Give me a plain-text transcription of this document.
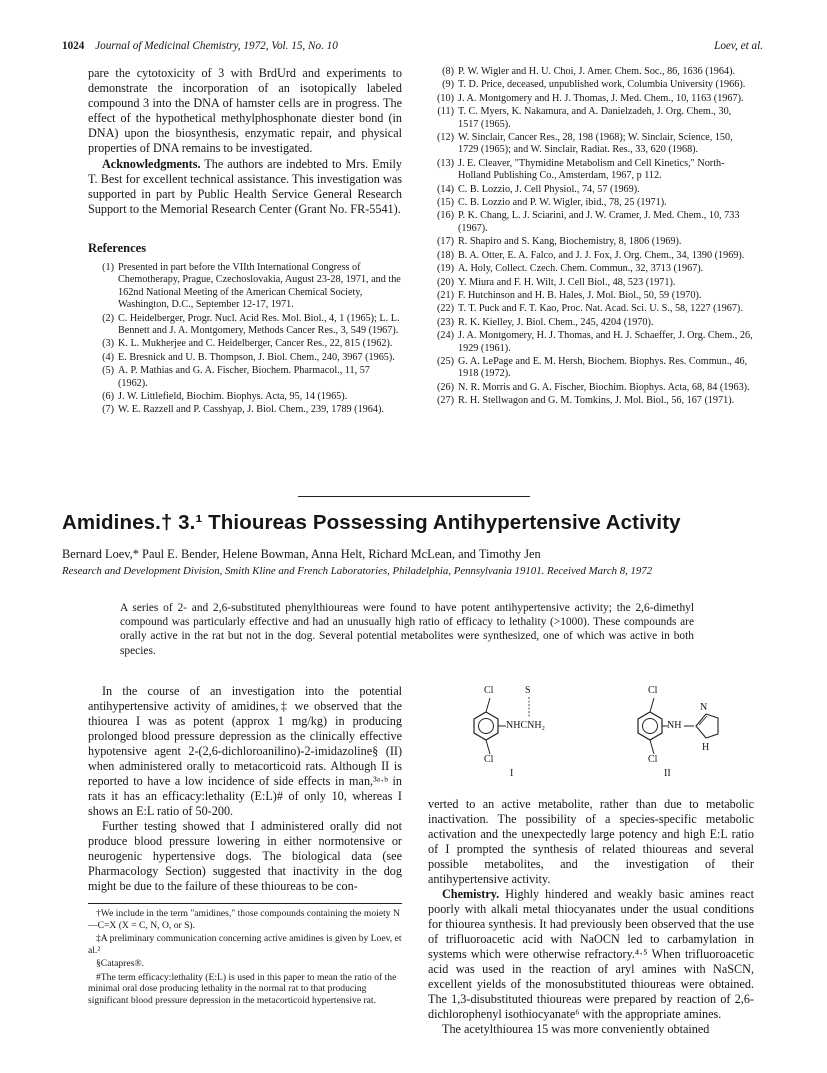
1024 Journal of Medicinal Chemistry, 1972, Vol. 15, No. 10	Loev, et al.

pare the cytotoxicity of 3 with BrdUrd and experiments to demonstrate the incorporation of an isotopically labeled compound 3 into the DNA of hamster cells are in progress. The effect of the hypothetical methylphosphonate diester bond (in DNA) upon the biosynthesis, enzymatic repair, and physical properties of DNA remains to be investigated.

Acknowledgments. The authors are indebted to Mrs. Emily T. Best for excellent technical assistance. This investigation was supported in part by Public Health Service General Research Support to the Memorial Research Center (Grant No. FR-5541).

References
(1) Presented in part before the VIIth International Congress of Chemotherapy, Prague, Czechoslovakia, August 23-28, 1971, and the 162nd National Meeting of the American Chemical Society, Washington, D.C., September 12-17, 1971.
(2) C. Heidelberger, Progr. Nucl. Acid Res. Mol. Biol., 4, 1 (1965); L. L. Bennett and J. A. Montgomery, Methods Cancer Res., 3, 549 (1967).
(3) K. L. Mukherjee and C. Heidelberger, Cancer Res., 22, 815 (1962).
(4) E. Bresnick and U. B. Thompson, J. Biol. Chem., 240, 3967 (1965).
(5) A. P. Mathias and G. A. Fischer, Biochem. Pharmacol., 11, 57 (1962).
(6) J. W. Littlefield, Biochim. Biophys. Acta, 95, 14 (1965).
(7) W. E. Razzell and P. Casshyap, J. Biol. Chem., 239, 1789 (1964).
(8) P. W. Wigler and H. U. Choi, J. Amer. Chem. Soc., 86, 1636 (1964).
(9) T. D. Price, deceased, unpublished work, Columbia University (1966).
(10) J. A. Montgomery and H. J. Thomas, J. Med. Chem., 10, 1163 (1967).
(11) T. C. Myers, K. Nakamura, and A. Danielzadeh, J. Org. Chem., 30, 1517 (1965).
(12) W. Sinclair, Cancer Res., 28, 198 (1968); W. Sinclair, Science, 150, 1729 (1965); and W. Sinclair, Radiat. Res., 33, 620 (1968).
(13) J. E. Cleaver, "Thymidine Metabolism and Cell Kinetics," North-Holland Publishing Co., Amsterdam, 1967, p 112.
(14) C. B. Lozzio, J. Cell Physiol., 74, 57 (1969).
(15) C. B. Lozzio and P. W. Wigler, ibid., 78, 25 (1971).
(16) P. K. Chang, L. J. Sciarini, and J. W. Cramer, J. Med. Chem., 10, 733 (1967).
(17) R. Shapiro and S. Kang, Biochemistry, 8, 1806 (1969).
(18) B. A. Otter, E. A. Falco, and J. J. Fox, J. Org. Chem., 34, 1390 (1969).
(19) A. Holy, Collect. Czech. Chem. Commun., 32, 3713 (1967).
(20) Y. Miura and F. H. Wilt, J. Cell Biol., 48, 523 (1971).
(21) F. Hutchinson and H. B. Hales, J. Mol. Biol., 50, 59 (1970).
(22) T. T. Puck and F. T. Kao, Proc. Nat. Acad. Sci. U. S., 58, 1227 (1967).
(23) R. K. Kielley, J. Biol. Chem., 245, 4204 (1970).
(24) J. A. Montgomery, H. J. Thomas, and H. J. Schaeffer, J. Org. Chem., 26, 1929 (1961).
(25) G. A. LePage and E. M. Hersh, Biochem. Biophys. Res. Commun., 46, 1918 (1972).
(26) N. R. Morris and G. A. Fischer, Biochim. Biophys. Acta, 68, 84 (1963).
(27) R. H. Stellwagon and G. M. Tomkins, J. Mol. Biol., 56, 167 (1971).
Amidines.† 3.¹ Thioureas Possessing Antihypertensive Activity
Bernard Loev,* Paul E. Bender, Helene Bowman, Anna Helt, Richard McLean, and Timothy Jen
Research and Development Division, Smith Kline and French Laboratories, Philadelphia, Pennsylvania 19101. Received March 8, 1972
A series of 2- and 2,6-substituted phenylthioureas were found to have potent antihypertensive activity; the 2,6-dimethyl compound was particularly effective and had an unusually high ratio of efficacy to lethality (>1000). These compounds are orally active in the rat but not in the dog. Several potential metabolites were synthesized, one of which was active in both species.

In the course of an investigation into the potential antihypertensive activity of amidines,‡ we observed that the thiourea I was as potent (approx 1 mg/kg) in producing prolonged blood pressure depression as the clinically effective hypotensive agent 2-(2,6-dichloroanilino)-2-imidazoline§ (II) when administered orally to metacorticoid rats. Although II is reported to have a low incidence of side effects in man,³ᵃ·ᵇ in rats it has an efficacy:lethality (E:L)# of only 10, whereas I shows an E:L ratio of 50-200.

Further testing showed that I administered orally did not produce blood pressure lowering in either normotensive or neurogenic hypertensive dogs. The biological data (see Pharmacology Section) suggested that inactivity in the dog might be due to the failure of these thioureas to be con-

†We include in the term "amidines," those compounds containing the moiety N—C=X (X = C, N, O, or S).

‡A preliminary communication concerning active amidines is given by Loev, et al.²

§Catapres®.

#The term efficacy:lethality (E:L) is used in this paper to mean the ratio of the minimal oral dose producing lethality in the normal rat to that producing significant blood pressure depression in the metacorticoid hypertensive rat.

Cl
Cl
S
NHCNH₂
I
Cl
Cl
NH
N
H
II

verted to an active metabolite, rather than due to metabolic inactivation. The possibility of a species-specific metabolic activation and the unexpectedly large potency and high E:L ratio of I prompted the synthesis of related thioureas and several possible metabolites, and the investigation of their antihypertensive activity.

Chemistry. Highly hindered and weakly basic amines react poorly with alkali metal thiocyanates under the usual conditions for thiourea synthesis. It had previously been observed that the use of trifluoroacetic acid with NaOCN led to carbamylation in systems which were otherwise refractory.⁴·⁵ When trifluoroacetic acid was used in the reaction of aryl amines with NaSCN, excellent yields of the monosubstituted thioureas were obtained. The 1,3-disubstituted thioureas were prepared by reaction of 2,6-dichlorophenyl isothiocyanate⁶ with the appropriate amines.

The acetylthiourea 15 was more conveniently obtained
